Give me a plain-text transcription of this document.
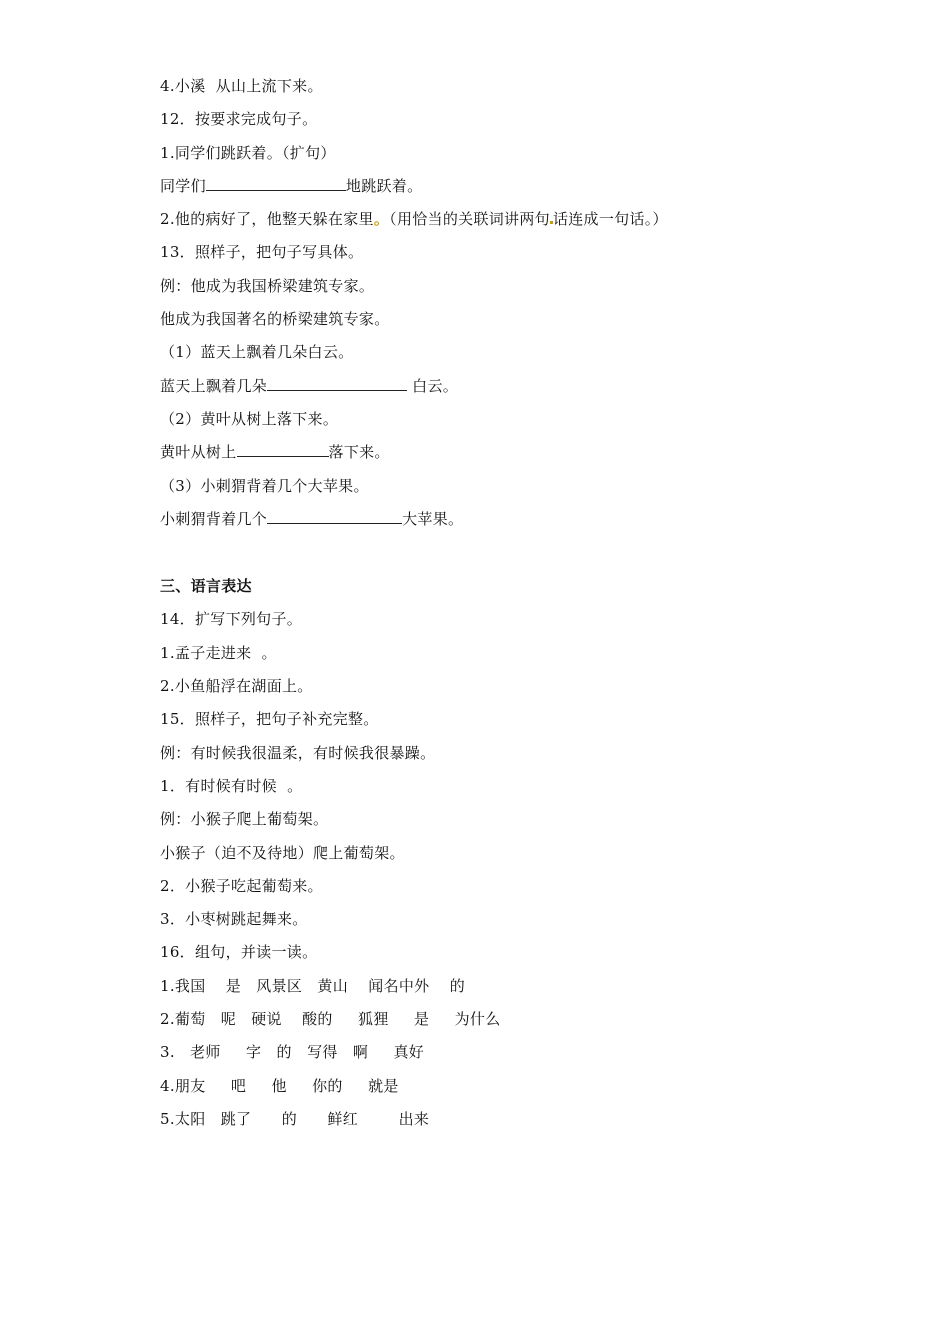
4.小溪  从山上流下来。
12．按要求完成句子。
1.同学们跳跃着。（扩句）
同学们	地跳跃着。
2.他的病好了，他整天躲在家里。（用恰当的关联词讲两句 话连成一句话。）
13．照样子，把句子写具体。
例：他成为我国桥梁建筑专家。
他成为我国著名的桥梁建筑专家。
（1）蓝天上飘着几朵白云。
蓝天上飘着几朵	白云。
（2）黄叶从树上落下来。
黄叶从树上	落下来。
（3）小刺猬背着几个大苹果。
小刺猬背着几个	大苹果。
三、语言表达
14．扩写下列句子。
1.孟子走进来  。
2.小鱼船浮在湖面上。
15．照样子，把句子补充完整。
例：有时候我很温柔，有时候我很暴躁。
1．有时候有时候  。
例：小猴子爬上葡萄架。
小猴子（迫不及待地）爬上葡萄架。
2．小猴子吃起葡萄来。
3．小枣树跳起舞来。
16．组句，并读一读。
1.我国    是   风景区   黄山    闻名中外    的
2.葡萄   呢   硬说    酸的     狐狸     是     为什么
3.   老师     字   的   写得   啊     真好
4.朋友     吧     他     你的     就是
5.太阳   跳了      的      鲜红        出来
